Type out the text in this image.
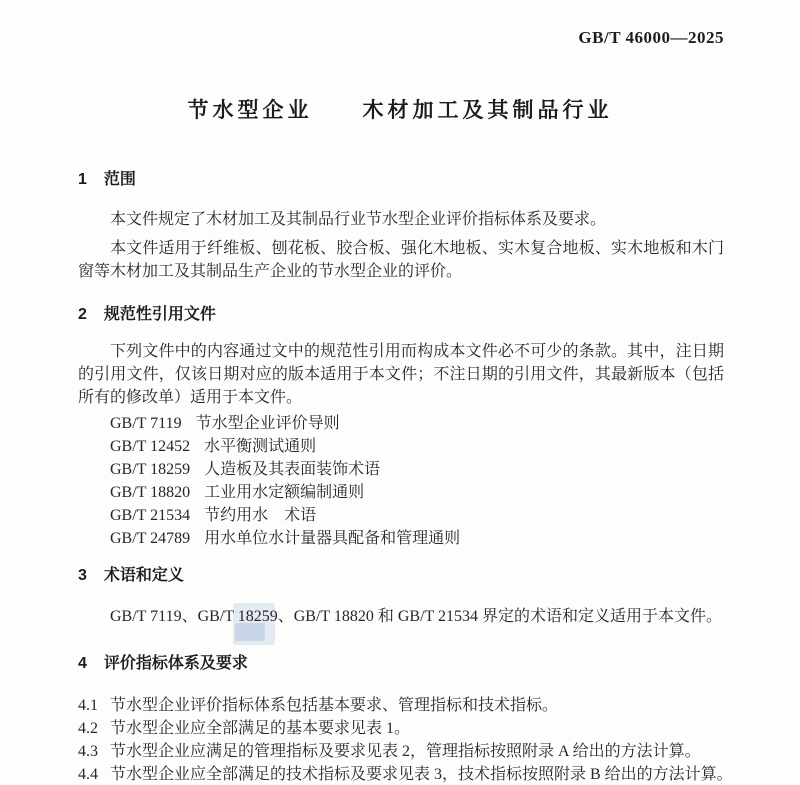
GB/T 46000—2025
节水型企业　　木材加工及其制品行业
1 范围
本文件规定了木材加工及其制品行业节水型企业评价指标体系及要求。
本文件适用于纤维板、刨花板、胶合板、强化木地板、实木复合地板、实木地板和木门窗等木材加工及其制品生产企业的节水型企业的评价。
2 规范性引用文件
下列文件中的内容通过文中的规范性引用而构成本文件必不可少的条款。其中，注日期的引用文件，仅该日期对应的版本适用于本文件；不注日期的引用文件，其最新版本（包括所有的修改单）适用于本文件。
GB/T 7119 节水型企业评价导则
GB/T 12452 水平衡测试通则
GB/T 18259 人造板及其表面装饰术语
GB/T 18820 工业用水定额编制通则
GB/T 21534 节约用水　术语
GB/T 24789 用水单位水计量器具配备和管理通则
3 术语和定义
GB/T 7119、GB/T 18259、GB/T 18820 和 GB/T 21534 界定的术语和定义适用于本文件。
4 评价指标体系及要求
4.1 节水型企业评价指标体系包括基本要求、管理指标和技术指标。
4.2 节水型企业应全部满足的基本要求见表 1。
4.3 节水型企业应满足的管理指标及要求见表 2，管理指标按照附录 A 给出的方法计算。
4.4 节水型企业应全部满足的技术指标及要求见表 3，技术指标按照附录 B 给出的方法计算。
